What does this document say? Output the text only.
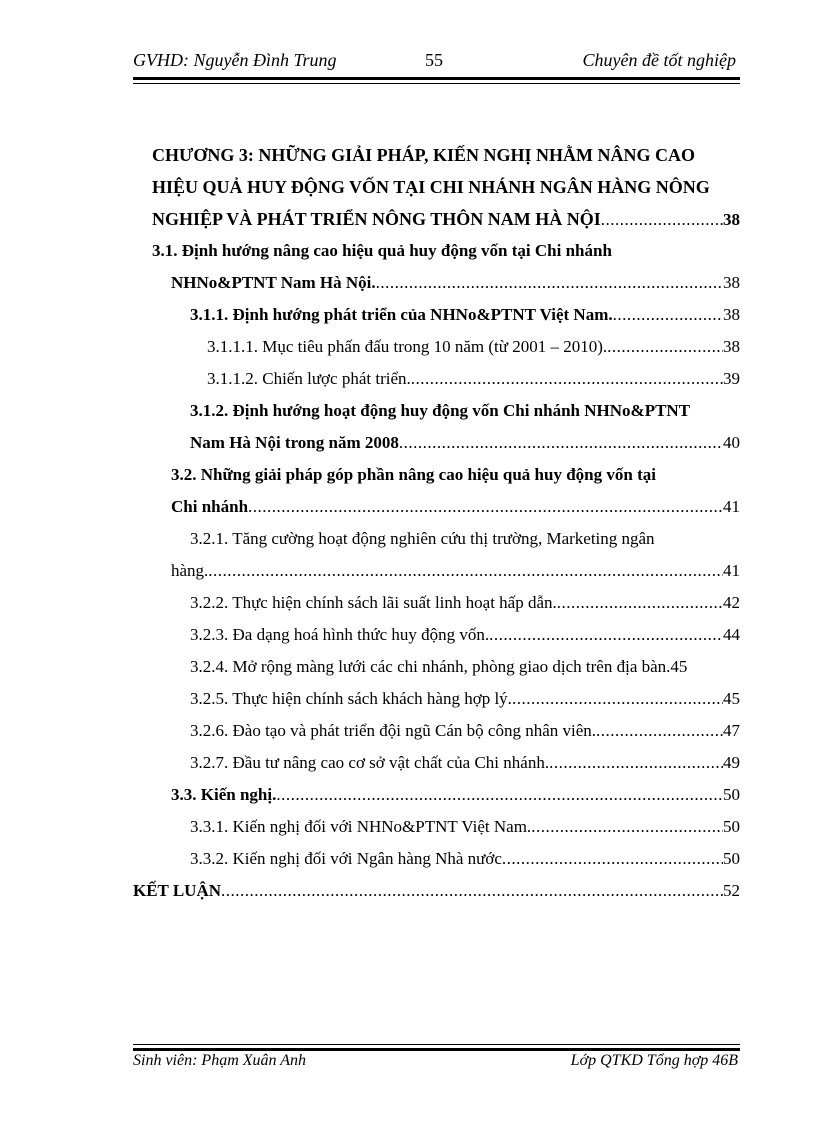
GVHD: Nguyễn Đình Trung	55	Chuyên đề tốt nghiệp
CHƯƠNG 3: NHỮNG GIẢI PHÁP, KIẾN NGHỊ NHẰM NÂNG CAO
HIỆU QUẢ HUY ĐỘNG VỐN TẠI CHI NHÁNH NGÂN HÀNG NÔNG
NGHIỆP VÀ PHÁT TRIỂN NÔNG THÔN NAM HÀ NỘI .....	38
3.1. Định hướng nâng cao hiệu quả huy động vốn tại Chi nhánh
NHNo&PTNT Nam Hà Nội. .....	38
3.1.1. Định hướng phát triển của NHNo&PTNT Việt Nam. .....	38
3.1.1.1. Mục tiêu phấn đấu trong 10 năm (từ 2001 – 2010). .....	38
3.1.1.2. Chiến lược phát triển. .....	39
3.1.2. Định hướng hoạt động huy động vốn Chi nhánh NHNo&PTNT
Nam Hà Nội trong năm 2008 .....	40
3.2. Những giải pháp góp phần nâng cao hiệu quả huy động vốn tại
Chi nhánh .....	41
3.2.1. Tăng cường hoạt động nghiên cứu thị trường, Marketing ngân
hàng. .....	41
3.2.2. Thực hiện chính sách lãi suất linh hoạt hấp dẫn. .....	42
3.2.3. Đa dạng hoá hình thức huy động vốn. .....	44
3.2.4. Mở rộng màng lưới các chi nhánh, phòng giao dịch trên địa bàn. 45
3.2.5. Thực hiện chính sách khách hàng hợp lý. .....	45
3.2.6. Đào tạo và phát triển đội ngũ Cán bộ công nhân viên. .....	47
3.2.7. Đầu tư nâng cao cơ sở vật chất của Chi nhánh. .....	49
3.3. Kiến nghị. .....	50
3.3.1. Kiến nghị đối với NHNo&PTNT Việt Nam. .....	50
3.3.2. Kiến nghị đối với Ngân hàng Nhà nước .....	50
KẾT LUẬN .....	52
Sinh viên: Phạm Xuân Anh	Lớp QTKD Tổng hợp 46B
